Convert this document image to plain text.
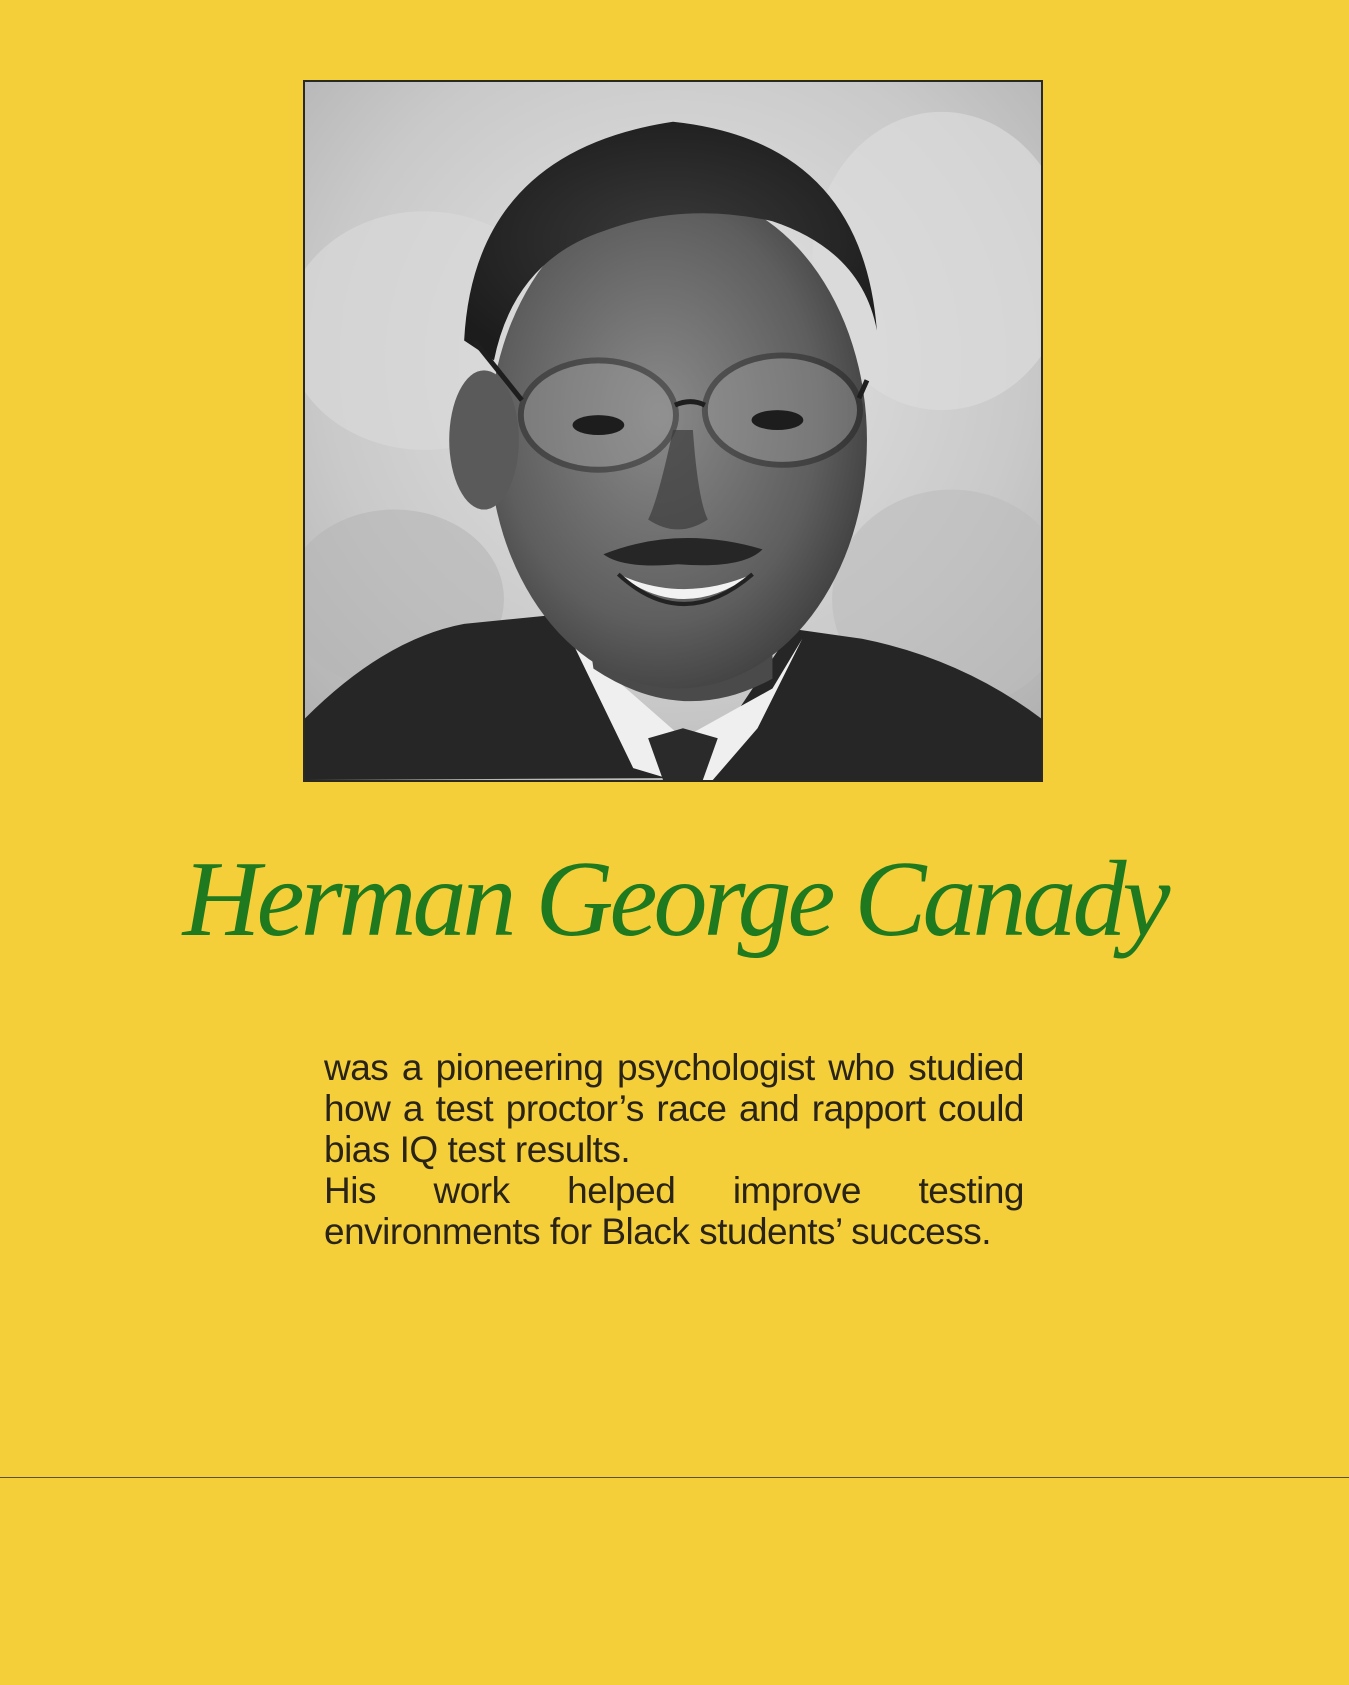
Herman George Canady
was a pioneering psychologist who studied how a test proctor’s race and rapport could bias IQ test results.
His work helped improve testing environments for Black students’ success.
